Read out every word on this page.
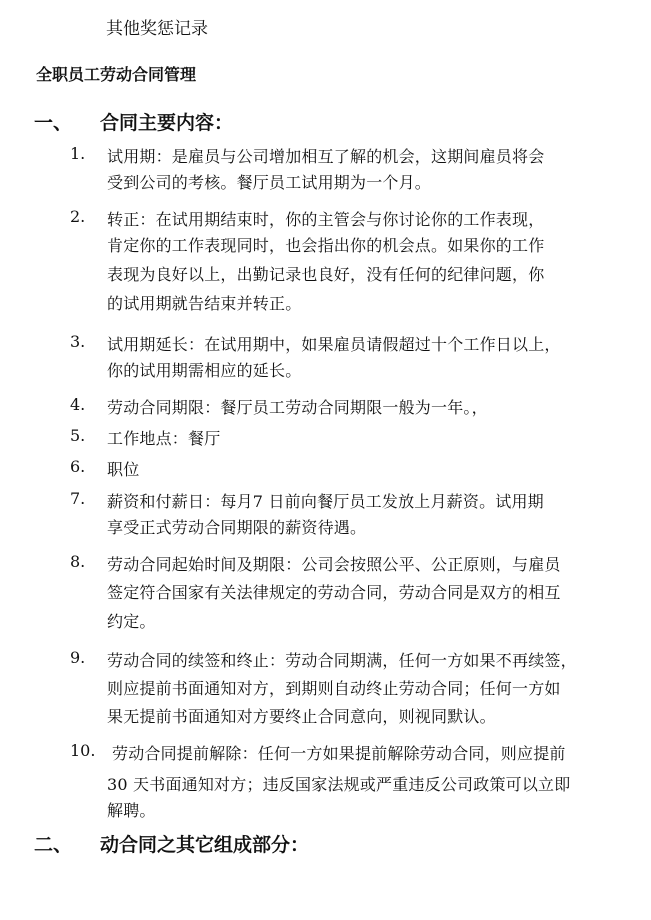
其他奖惩记录
全职员工劳动合同管理
一、 合同主要内容：
1. 试用期：是雇员与公司增加相互了解的机会，这期间雇员将会
受到公司的考核。餐厅员工试用期为一个月。
2. 转正：在试用期结束时，你的主管会与你讨论你的工作表现，
肯定你的工作表现同时，也会指出你的机会点。如果你的工作
表现为良好以上，出勤记录也良好，没有任何的纪律问题，你
的试用期就告结束并转正。
3. 试用期延长：在试用期中，如果雇员请假超过十个工作日以上，
你的试用期需相应的延长。
4. 劳动合同期限：餐厅员工劳动合同期限一般为一年。，
5. 工作地点：餐厅
6. 职位
7. 薪资和付薪日：每月7 日前向餐厅员工发放上月薪资。试用期
享受正式劳动合同期限的薪资待遇。
8. 劳动合同起始时间及期限：公司会按照公平、公正原则，与雇员
签定符合国家有关法律规定的劳动合同，劳动合同是双方的相互
约定。
9. 劳动合同的续签和终止：劳动合同期满，任何一方如果不再续签，
则应提前书面通知对方，到期则自动终止劳动合同；任何一方如
果无提前书面通知对方要终止合同意向，则视同默认。
10. 劳动合同提前解除：任何一方如果提前解除劳动合同，则应提前
30 天书面通知对方；违反国家法规或严重违反公司政策可以立即
解聘。
二、 动合同之其它组成部分：
